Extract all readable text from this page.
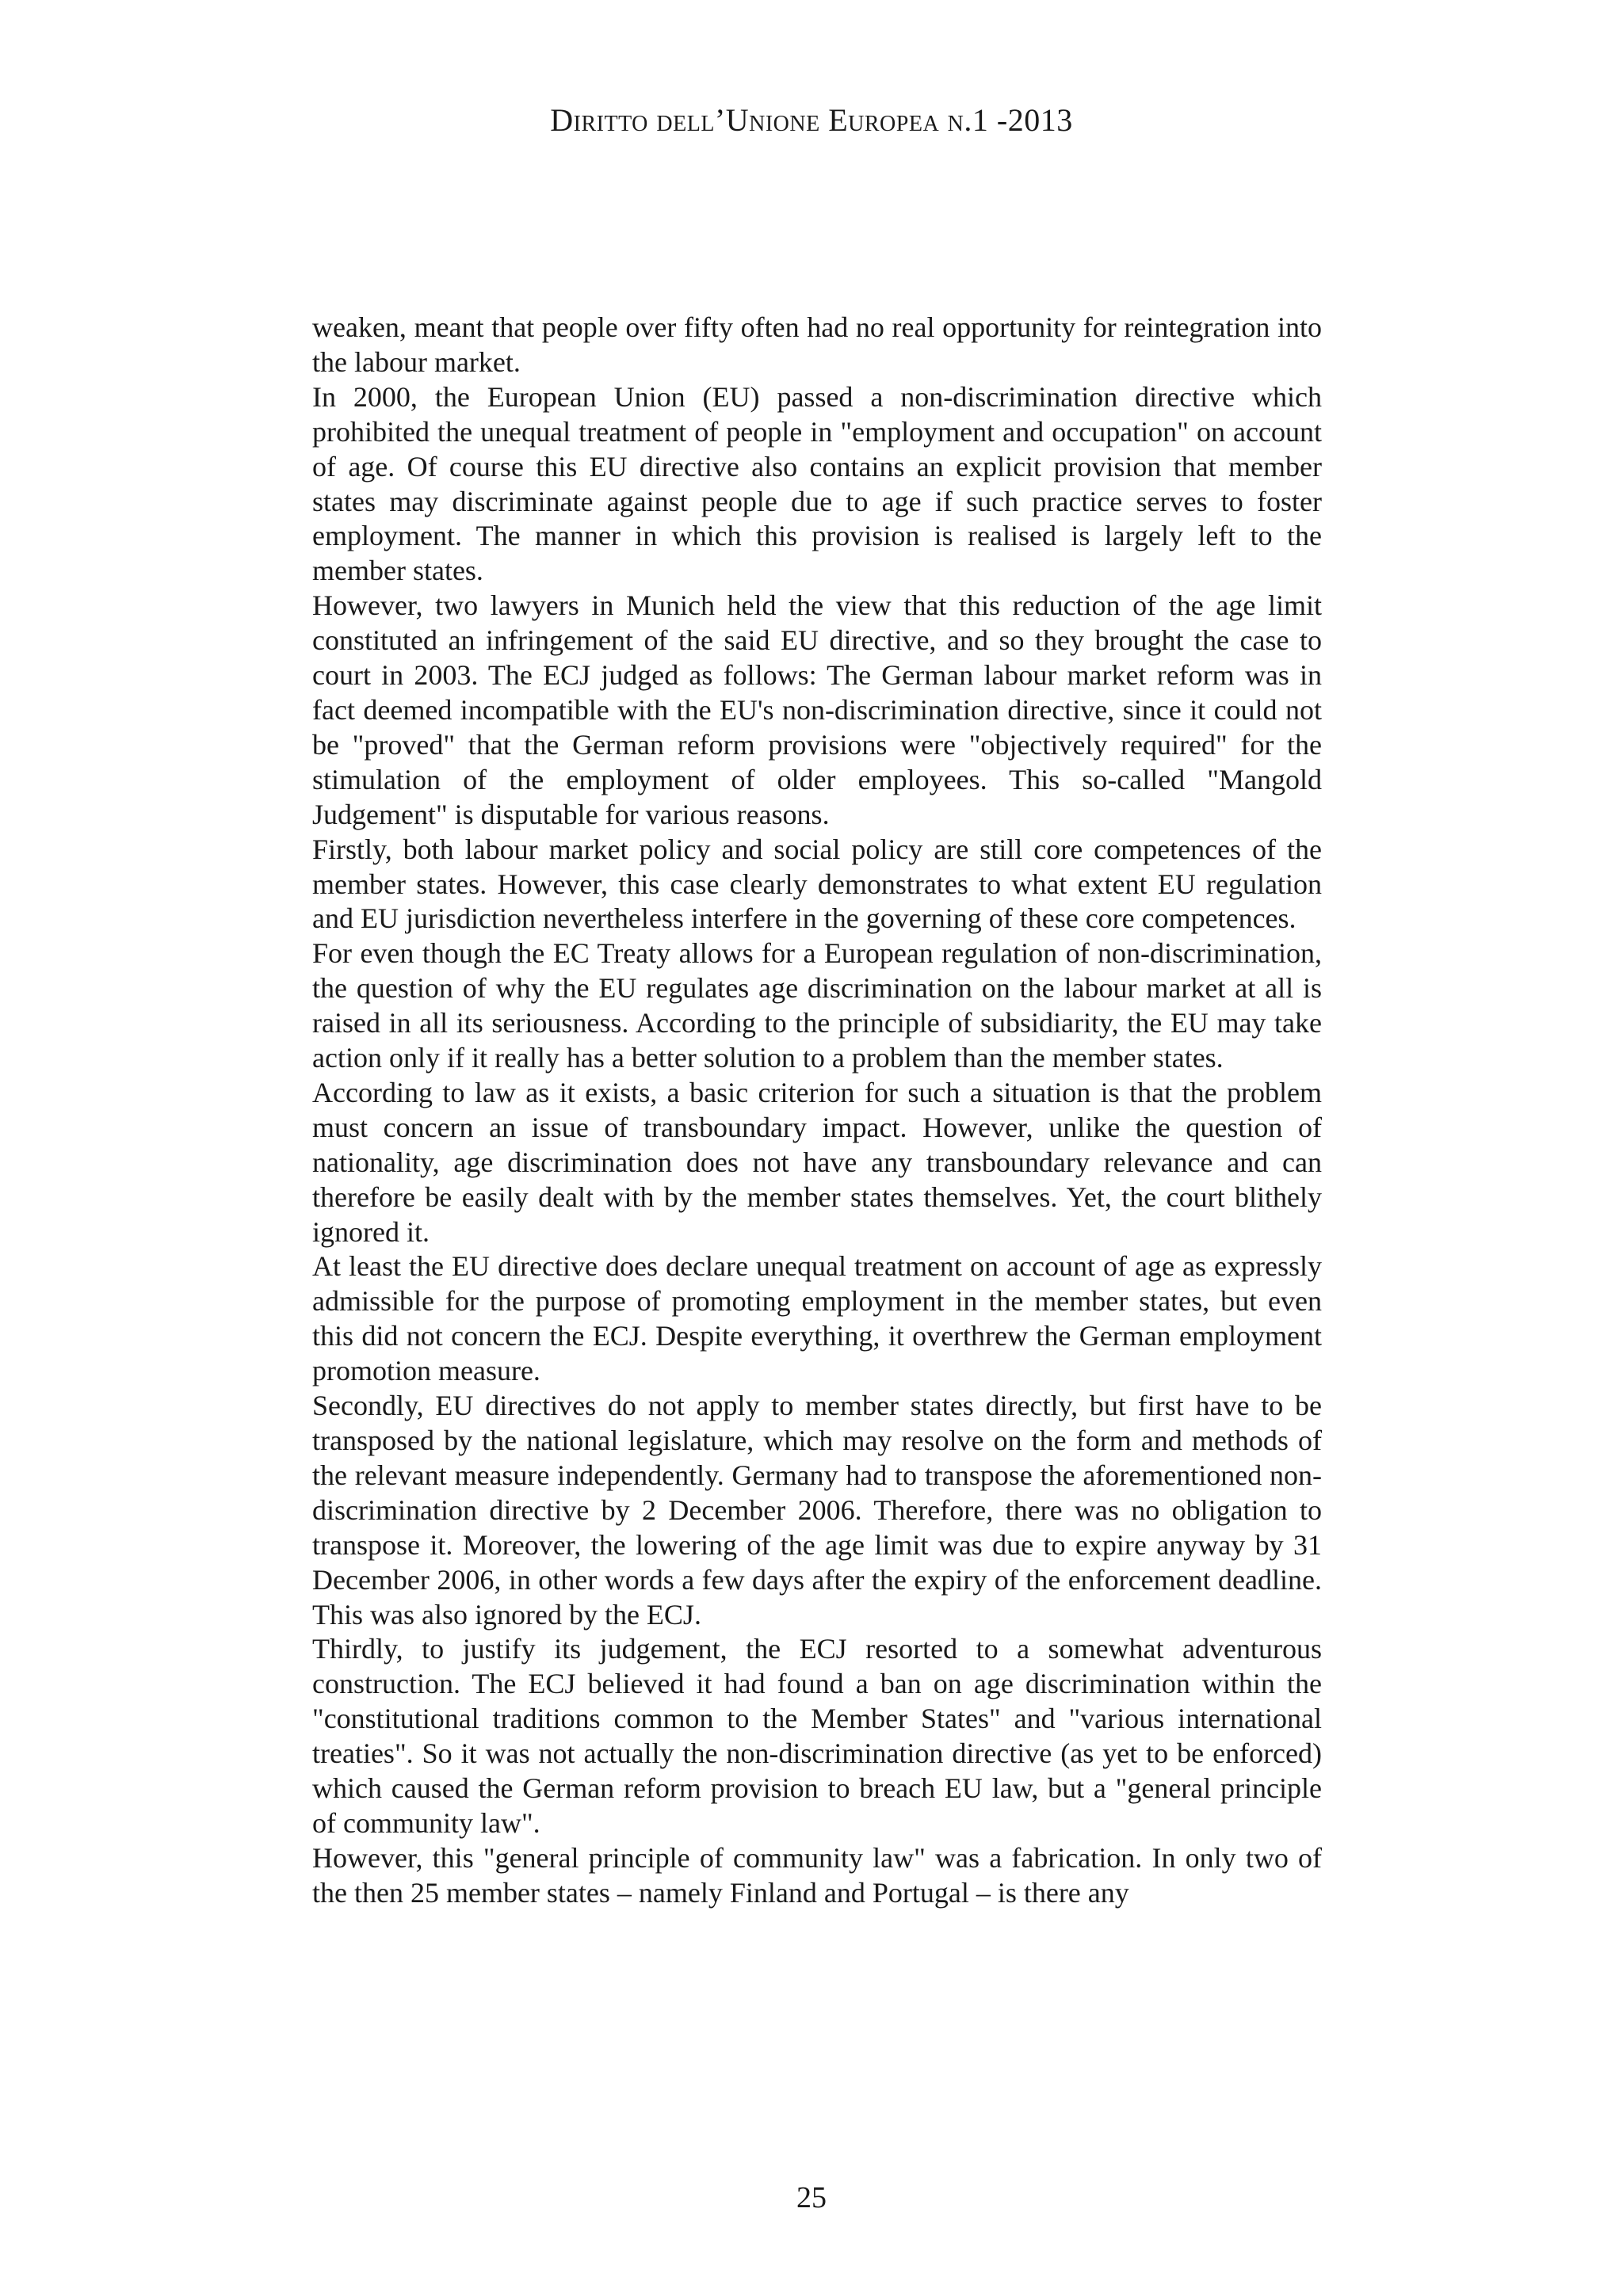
Diritto dell’Unione Europea n.1 -2013

weaken, meant that people over fifty often had no real opportunity for reintegration into the labour market.

In 2000, the European Union (EU) passed a non-discrimination directive which prohibited the unequal treatment of people in "employment and occupation" on account of age. Of course this EU directive also contains an explicit provision that member states may discriminate against people due to age if such practice serves to foster employment. The manner in which this provision is realised is largely left to the member states.

However, two lawyers in Munich held the view that this reduction of the age limit constituted an infringement of the said EU directive, and so they brought the case to court in 2003. The ECJ judged as follows: The German labour market reform was in fact deemed incompatible with the EU's non-discrimination directive, since it could not be "proved" that the German reform provisions were "objectively required" for the stimulation of the employment of older employees. This so-called "Mangold Judgement" is disputable for various reasons.

Firstly, both labour market policy and social policy are still core competences of the member states. However, this case clearly demonstrates to what extent EU regulation and EU jurisdiction nevertheless interfere in the governing of these core competences.

For even though the EC Treaty allows for a European regulation of non-discrimination, the question of why the EU regulates age discrimination on the labour market at all is raised in all its seriousness. According to the principle of subsidiarity, the EU may take action only if it really has a better solution to a problem than the member states.

According to law as it exists, a basic criterion for such a situation is that the problem must concern an issue of transboundary impact. However, unlike the question of nationality, age discrimination does not have any transboundary relevance and can therefore be easily dealt with by the member states themselves. Yet, the court blithely ignored it.

At least the EU directive does declare unequal treatment on account of age as expressly admissible for the purpose of promoting employment in the member states, but even this did not concern the ECJ. Despite everything, it overthrew the German employment promotion measure.

Secondly, EU directives do not apply to member states directly, but first have to be transposed by the national legislature, which may resolve on the form and methods of the relevant measure independently. Germany had to transpose the aforementioned non-discrimination directive by 2 December 2006. Therefore, there was no obligation to transpose it. Moreover, the lowering of the age limit was due to expire anyway by 31 December 2006, in other words a few days after the expiry of the enforcement deadline. This was also ignored by the ECJ.

Thirdly, to justify its judgement, the ECJ resorted to a somewhat adventurous construction. The ECJ believed it had found a ban on age discrimination within the "constitutional traditions common to the Member States" and "various international treaties". So it was not actually the non-discrimination directive (as yet to be enforced) which caused the German reform provision to breach EU law, but a "general principle of community law".

However, this "general principle of community law" was a fabrication. In only two of the then 25 member states – namely Finland and Portugal – is there any

25
